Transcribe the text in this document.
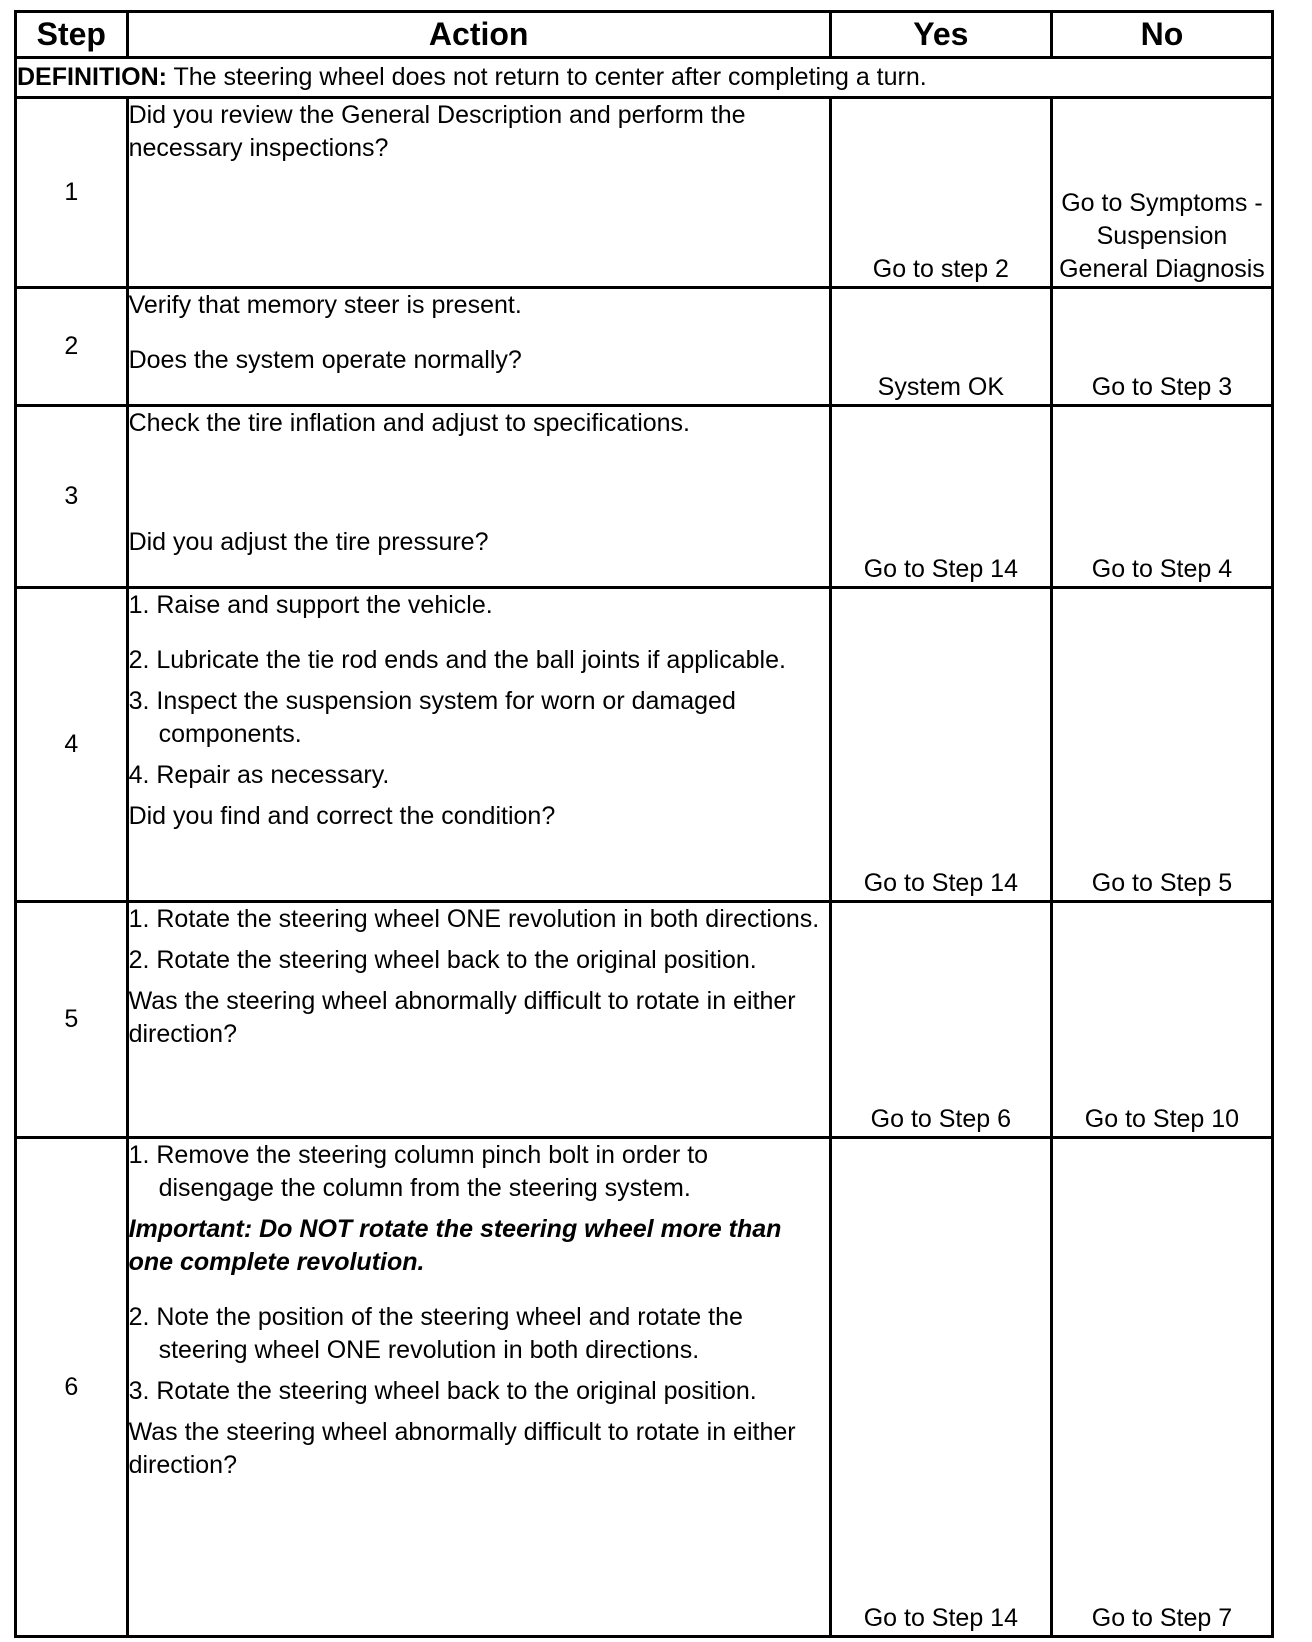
Step	Action	Yes	No
DEFINITION: The steering wheel does not return to center after completing a turn.			
1	Did you review the General Description and perform the necessary inspections?	Go to step 2	Go to Symptoms - Suspension General Diagnosis
2	Verify that memory steer is present.
Does the system operate normally?	System OK	Go to Step 3
3	Check the tire inflation and adjust to specifications.
Did you adjust the tire pressure?	Go to Step 14	Go to Step 4
4	1. Raise and support the vehicle.
2. Lubricate the tie rod ends and the ball joints if applicable.
3. Inspect the suspension system for worn or damaged components.
4. Repair as necessary.
Did you find and correct the condition?	Go to Step 14	Go to Step 5
5	1. Rotate the steering wheel ONE revolution in both directions.
2. Rotate the steering wheel back to the original position.
Was the steering wheel abnormally difficult to rotate in either direction?	Go to Step 6	Go to Step 10
6	1. Remove the steering column pinch bolt in order to disengage the column from the steering system.
Important: Do NOT rotate the steering wheel more than one complete revolution.
2. Note the position of the steering wheel and rotate the steering wheel ONE revolution in both directions.
3. Rotate the steering wheel back to the original position.
Was the steering wheel abnormally difficult to rotate in either direction?	Go to Step 14	Go to Step 7
